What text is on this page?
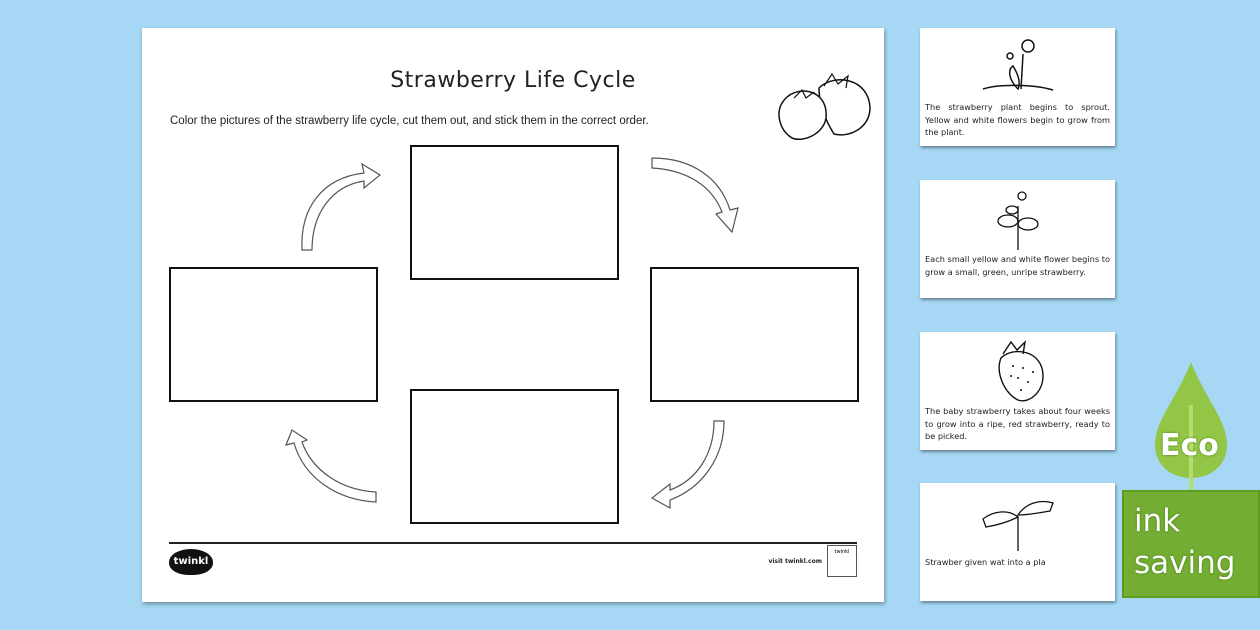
Strawberry Life Cycle
Color the pictures of the strawberry life cycle, cut them out, and stick them in the correct order.
twinkl	visit twinkl.com
twinkl

The strawberry plant begins to sprout. Yellow and white flowers begin to grow from the plant.

Each small yellow and white flower begins to grow a small, green, unripe strawberry.

The baby strawberry takes about four weeks to grow into a ripe, red strawberry, ready to be picked.

Strawber given wat into a pla

Eco
ink saving
